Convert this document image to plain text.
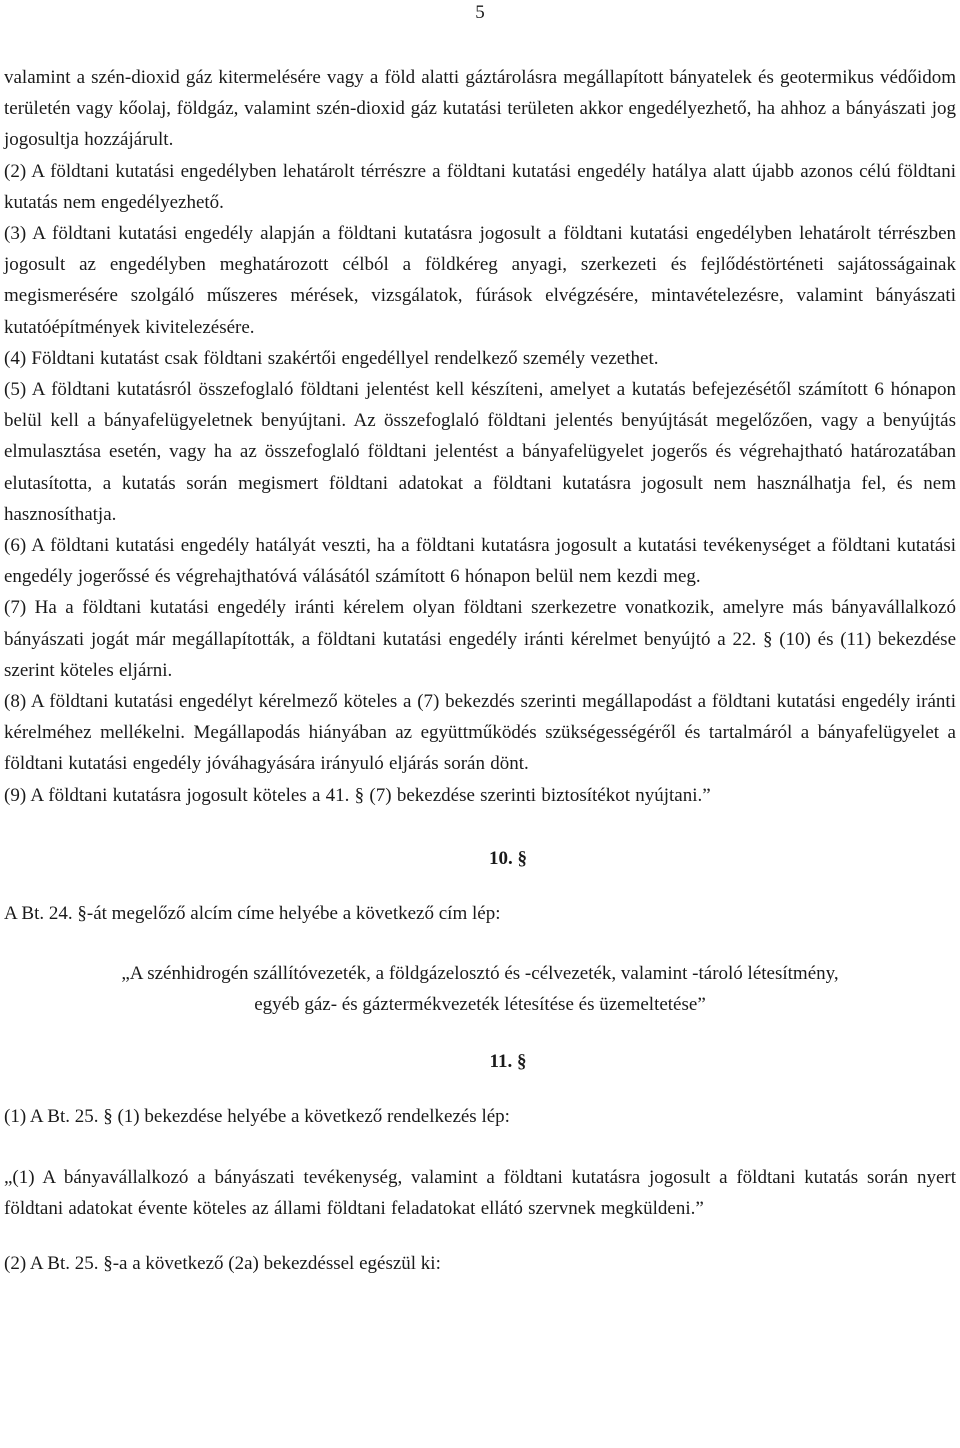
5

valamint a szén-dioxid gáz kitermelésére vagy a föld alatti gáztárolásra megállapított bányatelek és geotermikus védőidom területén vagy kőolaj, földgáz, valamint szén-dioxid gáz kutatási területen akkor engedélyezhető, ha ahhoz a bányászati jog jogosultja hozzájárult.

(2) A földtani kutatási engedélyben lehatárolt térrészre a földtani kutatási engedély hatálya alatt újabb azonos célú földtani kutatás nem engedélyezhető.

(3) A földtani kutatási engedély alapján a földtani kutatásra jogosult a földtani kutatási engedélyben lehatárolt térrészben jogosult az engedélyben meghatározott célból a földkéreg anyagi, szerkezeti és fejlődéstörténeti sajátosságainak megismerésére szolgáló műszeres mérések, vizsgálatok, fúrások elvégzésére, mintavételezésre, valamint bányászati kutatóépítmények kivitelezésére.

(4) Földtani kutatást csak földtani szakértői engedéllyel rendelkező személy vezethet.

(5) A földtani kutatásról összefoglaló földtani jelentést kell készíteni, amelyet a kutatás befejezésétől számított 6 hónapon belül kell a bányafelügyeletnek benyújtani. Az összefoglaló földtani jelentés benyújtását megelőzően, vagy a benyújtás elmulasztása esetén, vagy ha az összefoglaló földtani jelentést a bányafelügyelet jogerős és végrehajtható határozatában elutasította, a kutatás során megismert földtani adatokat a földtani kutatásra jogosult nem használhatja fel, és nem hasznosíthatja.

(6) A földtani kutatási engedély hatályát veszti, ha a földtani kutatásra jogosult a kutatási tevékenységet a földtani kutatási engedély jogerőssé és végrehajthatóvá válásától számított 6 hónapon belül nem kezdi meg.

(7) Ha a földtani kutatási engedély iránti kérelem olyan földtani szerkezetre vonatkozik, amelyre más bányavállalkozó bányászati jogát már megállapították, a földtani kutatási engedély iránti kérelmet benyújtó a 22. § (10) és (11) bekezdése szerint köteles eljárni.

(8) A földtani kutatási engedélyt kérelmező köteles a (7) bekezdés szerinti megállapodást a földtani kutatási engedély iránti kérelméhez mellékelni. Megállapodás hiányában az együttműködés szükségességéről és tartalmáról a bányafelügyelet a földtani kutatási engedély jóváhagyására irányuló eljárás során dönt.

(9) A földtani kutatásra jogosult köteles a 41. § (7) bekezdése szerinti biztosítékot nyújtani.”

10. §

A Bt. 24. §-át megelőző alcím címe helyébe a következő cím lép:

„A szénhidrogén szállítóvezeték, a földgázelosztó és -célvezeték, valamint -tároló létesítmény,

egyéb gáz- és gáztermékvezeték létesítése és üzemeltetése”

11. §

(1) A Bt. 25. § (1) bekezdése helyébe a következő rendelkezés lép:

„(1) A bányavállalkozó a bányászati tevékenység, valamint a földtani kutatásra jogosult a földtani kutatás során nyert földtani adatokat évente köteles az állami földtani feladatokat ellátó szervnek megküldeni.”

(2) A Bt. 25. §-a a következő (2a) bekezdéssel egészül ki:
